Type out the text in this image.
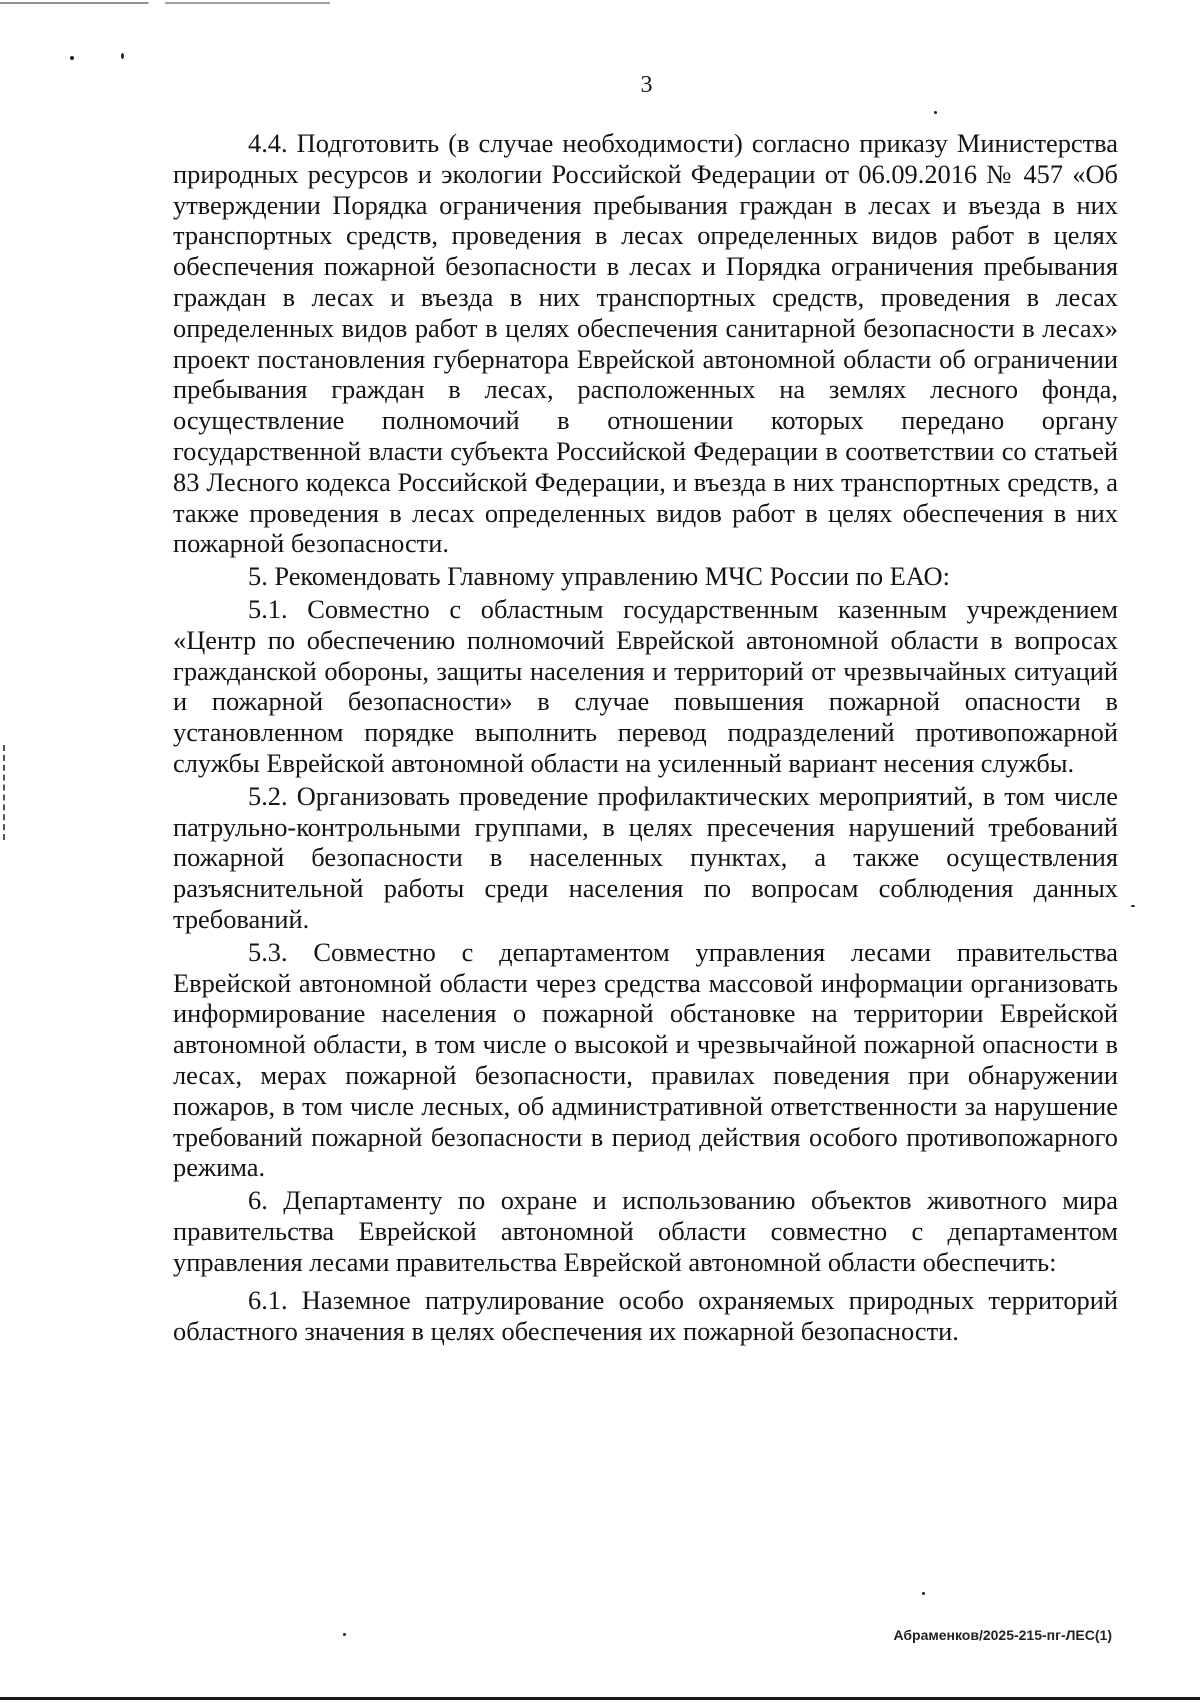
3

4.4. Подготовить (в случае необходимости) согласно приказу Министерства природных ресурсов и экологии Российской Федерации от 06.09.2016 № 457 «Об утверждении Порядка ограничения пребывания граждан в лесах и въезда в них транспортных средств, проведения в лесах определенных видов работ в целях обеспечения пожарной безопасности в лесах и Порядка ограничения пребывания граждан в лесах и въезда в них транспортных средств, проведения в лесах определенных видов работ в целях обеспечения санитарной безопасности в лесах» проект постановления губернатора Еврейской автономной области об ограничении пребывания граждан в лесах, расположенных на землях лесного фонда, осуществление полномочий в отношении которых передано органу государственной власти субъекта Российской Федерации в соответствии со статьей 83 Лесного кодекса Российской Федерации, и въезда в них транспортных средств, а также проведения в лесах определенных видов работ в целях обеспечения в них пожарной безопасности.

5. Рекомендовать Главному управлению МЧС России по ЕАО:

5.1. Совместно с областным государственным казенным учреждением «Центр по обеспечению полномочий Еврейской автономной области в вопросах гражданской обороны, защиты населения и территорий от чрезвычайных ситуаций и пожарной безопасности» в случае повышения пожарной опасности в установленном порядке выполнить перевод подразделений противопожарной службы Еврейской автономной области на усиленный вариант несения службы.

5.2. Организовать проведение профилактических мероприятий, в том числе патрульно-контрольными группами, в целях пресечения нарушений требований пожарной безопасности в населенных пунктах, а также осуществления разъяснительной работы среди населения по вопросам соблюдения данных требований.

5.3. Совместно с департаментом управления лесами правительства Еврейской автономной области через средства массовой информации организовать информирование населения о пожарной обстановке на территории Еврейской автономной области, в том числе о высокой и чрезвычайной пожарной опасности в лесах, мерах пожарной безопасности, правилах поведения при обнаружении пожаров, в том числе лесных, об административной ответственности за нарушение требований пожарной безопасности в период действия особого противопожарного режима.

6. Департаменту по охране и использованию объектов животного мира правительства Еврейской автономной области совместно с департаментом управления лесами правительства Еврейской автономной области обеспечить:

6.1. Наземное патрулирование особо охраняемых природных территорий областного значения в целях обеспечения их пожарной безопасности.

Абраменков/2025-215-пг-ЛЕС(1)
